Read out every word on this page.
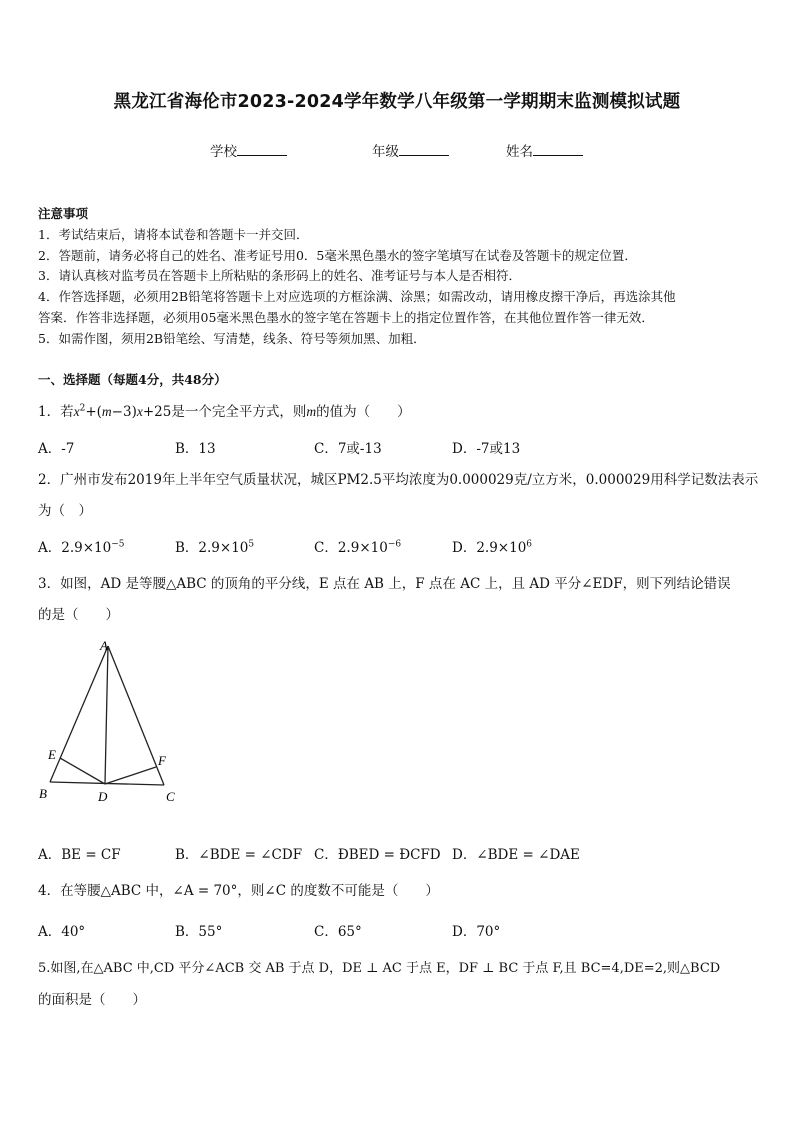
黑龙江省海伦市2023-2024学年数学八年级第一学期期末监测模拟试题
学校	年级	姓名
注意事项
1．考试结束后，请将本试卷和答题卡一并交回．
2．答题前，请务必将自己的姓名、准考证号用0．5毫米黑色墨水的签字笔填写在试卷及答题卡的规定位置．
3．请认真核对监考员在答题卡上所粘贴的条形码上的姓名、准考证号与本人是否相符．
4．作答选择题，必须用2B铅笔将答题卡上对应选项的方框涂满、涂黑；如需改动，请用橡皮擦干净后，再选涂其他
答案．作答非选择题，必须用05毫米黑色墨水的签字笔在答题卡上的指定位置作答，在其他位置作答一律无效．
5．如需作图，须用2B铅笔绘、写清楚，线条、符号等须加黑、加粗．
一、选择题（每题4分，共48分）
1．若$x^2+(m-3)x+25$是一个完全平方式，则m的值为（　　）
A．-7	B．13	C．7或-13	D．-7或13
2．广州市发布2019年上半年空气质量状况，城区PM2.5平均浓度为0.000029克/立方米，0.000029用科学记数法表示
为（　）
A．$2.9\times 10^{-5}$	B．$2.9\times 10^5$	C．$2.9\times 10^{-6}$	D．$2.9\times 10^6$
3．如图，AD 是等腰△ABC 的顶角的平分线，E 点在 AB 上，F 点在 AC 上，且 AD 平分∠EDF，则下列结论错误
的是（　　）
A
B	C
D
E	F
A．BE = CF	B．∠BDE = ∠CDF C．ÐBED = ÐCFD D．∠BDE = ∠DAE
4．在等腰△ABC 中，∠A = 70°，则∠C 的度数不可能是（　　）
A．40°	B．55°	C．65°	D．70°
5.如图,在△ABC 中,CD 平分∠ACB 交 AB 于点 D，DE ⊥ AC 于点 E，DF ⊥ BC 于点 F,且 BC=4,DE=2,则△BCD
的面积是（　　）
